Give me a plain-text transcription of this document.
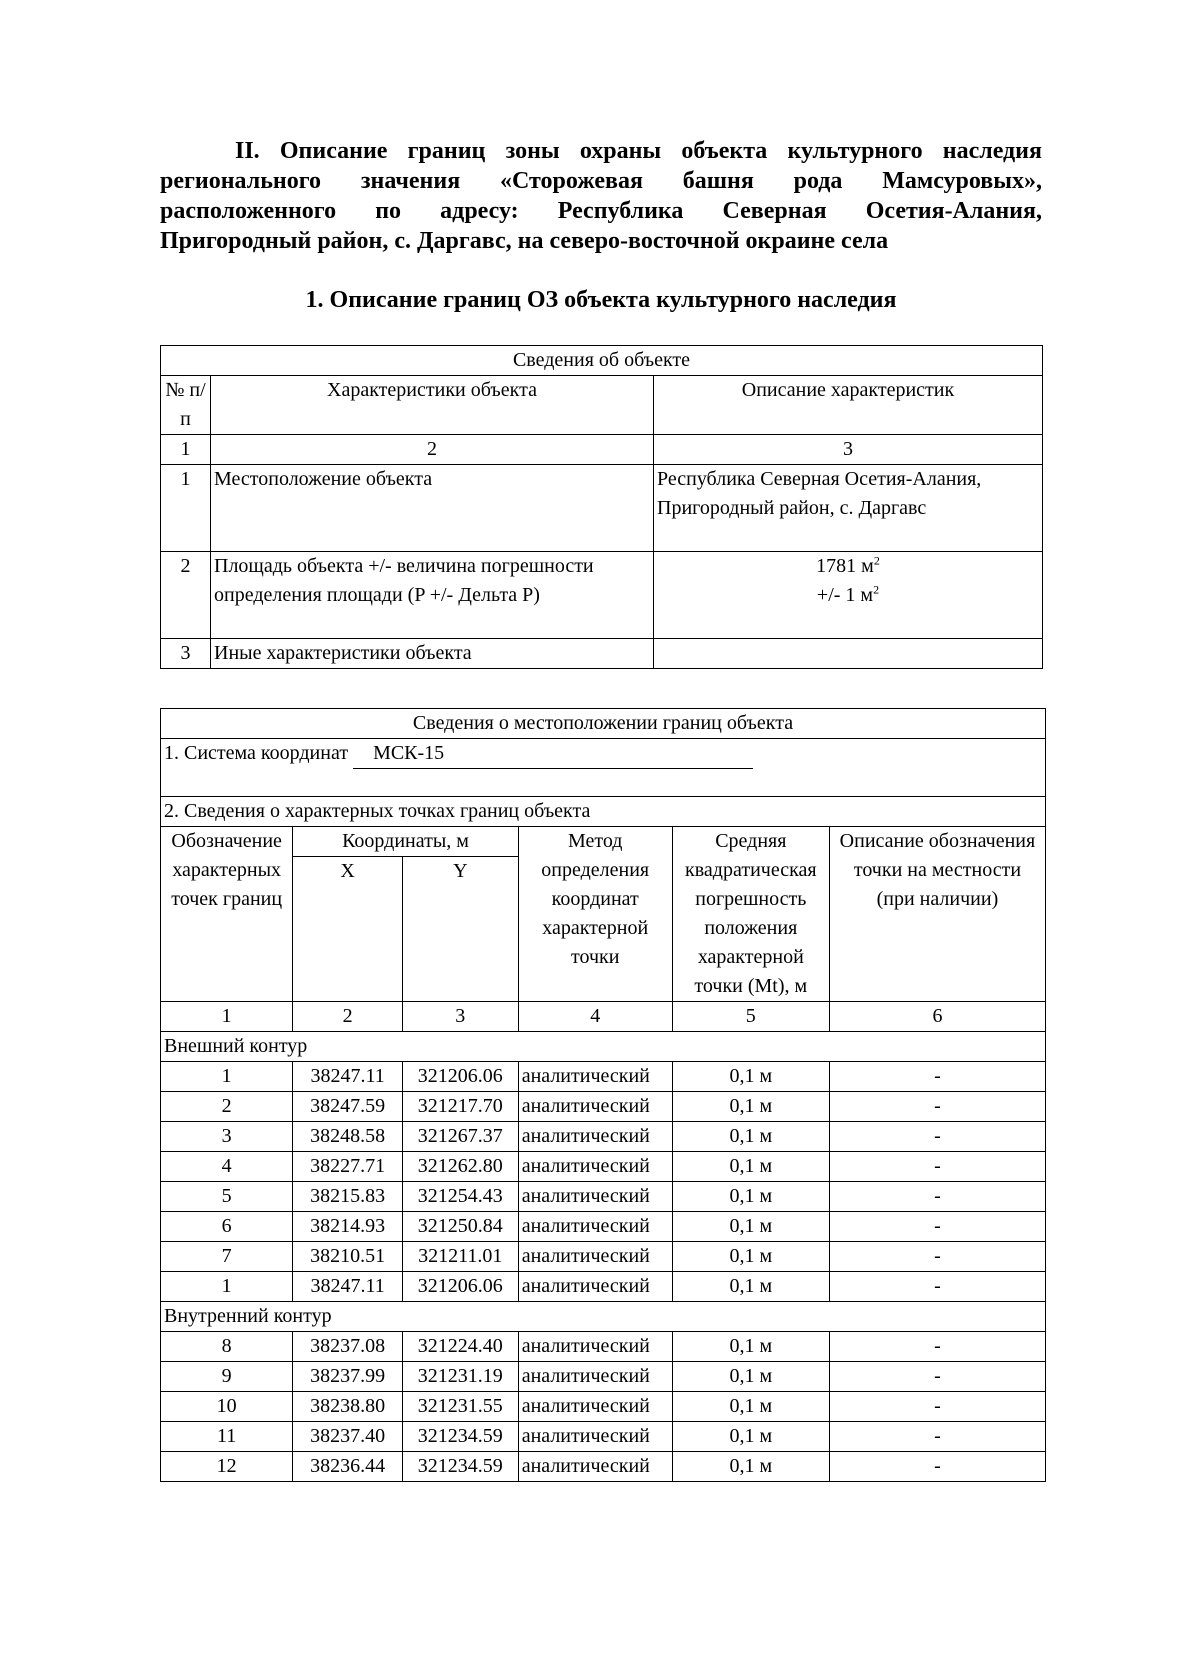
II. Описание границ зоны охраны объекта культурного наследия
регионального значения «Сторожевая башня рода Мамсуровых»,
расположенного по адресу: Республика Северная Осетия-Алания,
Пригородный район, с. Даргавс, на северо-восточной окраине села
1. Описание границ ОЗ объекта культурного наследия
Сведения об объекте		
№ п/п	Характеристики объекта	Описание характеристик
1	2	3
1	Местоположение объекта	Республика Северная Осетия-Алания, Пригородный район, с. Даргавс
2	Площадь объекта +/- величина погрешности определения площади (P +/- Дельта P)	1781 $м^2$
+/- 1 $м^2$
3	Иные характеристики объекта	
Сведения о местоположении границ объекта					
1. Система координат МСК-15					
2. Сведения о характерных точках границ объекта					
Обозначение характерных точек границ	Координаты, м		Метод определения координат характерной точки	Средняя квадратическая погрешность положения характерной точки (Mt), м	Описание обозначения точки на местности (при наличии)
	X	Y			
1	2	3	4	5	6
Внешний контур					
1	38247.11	321206.06	аналитический	0,1 м	-
2	38247.59	321217.70	аналитический	0,1 м	-
3	38248.58	321267.37	аналитический	0,1 м	-
4	38227.71	321262.80	аналитический	0,1 м	-
5	38215.83	321254.43	аналитический	0,1 м	-
6	38214.93	321250.84	аналитический	0,1 м	-
7	38210.51	321211.01	аналитический	0,1 м	-
1	38247.11	321206.06	аналитический	0,1 м	-
Внутренний контур					
8	38237.08	321224.40	аналитический	0,1 м	-
9	38237.99	321231.19	аналитический	0,1 м	-
10	38238.80	321231.55	аналитический	0,1 м	-
11	38237.40	321234.59	аналитический	0,1 м	-
12	38236.44	321234.59	аналитический	0,1 м	-
